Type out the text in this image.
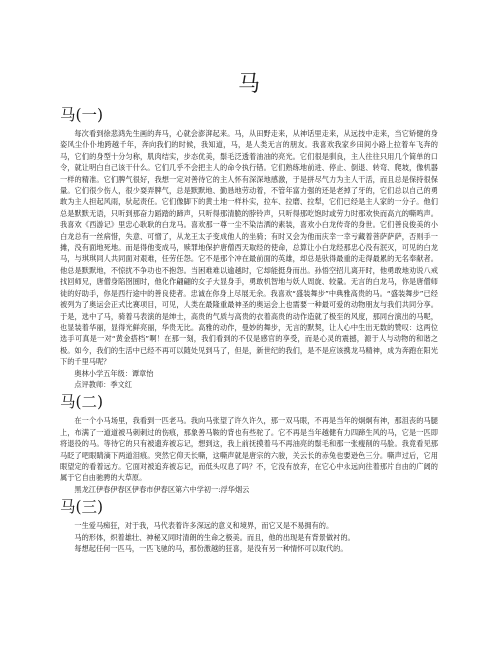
马
马(一)

每次看到徐悲鸿先生画的奔马，心就会澎湃起来。马，从田野走来，从神话里走来，从远技中走来，当它矫健的身姿风尘仆仆地跨越千年，奔向我们的时候，我知道，马，是人类无言的朋友。我喜欢我家乡田间小路上拉着车飞奔的马，它们的身型十分匀称，肌肉结实，步态优美，鬃毛泛透着油油的亮光。它们很是驯良，主人往往只用几个简单的口令，就让明白自己该干什么。它们几乎不会把主人的命令执行错。它们熟练地前进、停止、倒退、转弯、爬坡，像机器一样的精准。它们脾气很好，我想一定对善待它的主人怀有深深地感激，于是拼尽气力为主人干活，而且总是保持很保量。它们很少伤人，很少耍弄脾气，总是默默地、勤恳地劳动着，不管年富力强的还是老掉了牙的，它们总以自己的勇敢为主人担起风雨，驮起责任。它们像脚下的黄土地一样朴实，拉车、拉磨、拉犁，它们已经是主人家的一分子。他们总是默默无语，只听到那奋力蹈踏的蹄声，只听得那清脆的脖铃声，只听得那吃饱时或劳力时那欢快而高亢的嘶鸣声。我喜欢《西游记》里忠心耿耿的白龙马。喜欢那一尊一尘不染洁洒的素装，喜欢小白龙传奇的身世。它们善良俊美的小白龙总有一丝病惜，失意、可憎了，从龙王太子变成他人的坐骑；有时又会为他而庆幸一幸亏藏着菩萨萨萨，否则手一摊，没有面地死地。而是得他变成马，赎罪地保护唐僧西天取经的使命，总算让小白龙经那忠心没有泯灭，可见的白龙马，与琪琪同人共同面对艰难，任劳任怨。它不是那个冲在最前面的英雄，却总是驮得最重的走得最累的无名奉献者。他总是默默地，不惊扰不争功也不抱怨。当困难难以逾越时，它却能挺身而出。孙悟空招儿离开时，他勇敢地劝说八戒找回师兄，唐僧身陷囹圄时，他化作翩翩的女子大显身手，勇敢机智地与妖人周旋、较量。无言的白龙马，你是唐僧师徒的好助手，你是西行途中的善良使者。忠诚在你身上尽展无余。我喜欢“盛装舞步”中典雅高贵的马。“盛装舞步”已经被列为了奥运会正式比赛项目，可见，人类在最隆重最神圣的奥运会上也需要一种最可爱的动物朋友与我们共同分享。于是，选中了马，骑着马表演的是绅士，高贵的气质与高贵的衣着高贵的动作造就了极至的风度，那同台演出的马呢，也显装着华丽，显得光鲜亮丽，华贵无比。高雅的动作，曼妙的舞步，无言的默契，让人心中生出无数的赞叹：这两位选手可真是一对“黄金搭档”啊！在那一刻，我们看到的不仅是感官的享受，而是心灵的震撼，源于人与动物的和谐之极。如今，我们的生活中已经不再可以随处见到马了，但是，新世纪的我们，是不是应该携龙马精神，成为奔跑在阳光下的千里马呢？

奥林小学五年级：谭章怡

点评教师：季文红

马(二)

在一个小马场里，我看到一匹老马。我向马张望了许久许久，那一双马眼，不再是当年的炯炯有神，那沮丧的马腿上，布满了一道道被马刺刺过的伤痕，那象善马鞍的背也有些驼了。它不再是当年越健有力四蹄生风的马，它是一匹即将退役的马。等待它的只有被遗弃被忘记，想到这，我上前抚摸着马不再油亮的鬃毛和那一张瘦削的马脸。我竟看见那马眨了吧眼睛滴下两道泪痕。突然它仰天长嘶，这嘶声就是唐宗的六骏，关云长的赤兔也要逊色三分。嘶声过后，它用眼望定的看着远方。它面对被追弃被忘记，而低头叹息了吗？不，它没有放弃，在它心中永远向往着那片自由的广阔的属于它自由驰骋的大草原。

黑龙江伊春伊春区伊春市伊春区第六中学初一:浮华烟云

马(三)

一生爱马痴狂，对于我，马代表着许多深远的意义和境界，而它又是不易拥有的。

马的形体，炽着雄壮、神秘又同时清朗的生命之极美。而且，他的出现是有背景做衬的。

每想起任何一匹马，一匹飞驰的马，那份激越的狂喜，是没有另一种情怀可以取代的。
